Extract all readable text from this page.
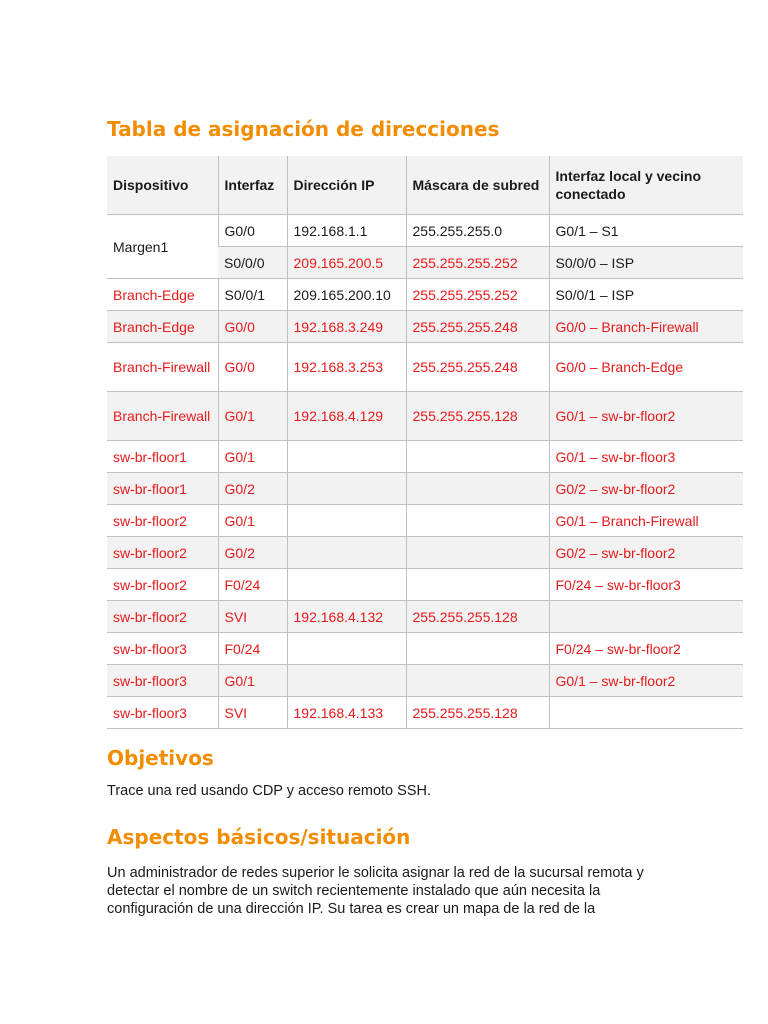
Tabla de asignación de direcciones
Dispositivo	Interfaz	Dirección IP	Máscara de subred	Interfaz local y vecino conectado
Margen1	G0/0	192.168.1.1	255.255.255.0	G0/1 – S1
	S0/0/0	209.165.200.5	255.255.255.252	S0/0/0 – ISP
Branch-Edge	S0/0/1	209.165.200.10	255.255.255.252	S0/0/1 – ISP
Branch-Edge	G0/0	192.168.3.249	255.255.255.248	G0/0 – Branch-Firewall
Branch-Firewall	G0/0	192.168.3.253	255.255.255.248	G0/0 – Branch-Edge
Branch-Firewall	G0/1	192.168.4.129	255.255.255.128	G0/1 – sw-br-floor2
sw-br-floor1	G0/1			G0/1 – sw-br-floor3
sw-br-floor1	G0/2			G0/2 – sw-br-floor2
sw-br-floor2	G0/1			G0/1 – Branch-Firewall
sw-br-floor2	G0/2			G0/2 – sw-br-floor2
sw-br-floor2	F0/24			F0/24 – sw-br-floor3
sw-br-floor2	SVI	192.168.4.132	255.255.255.128	
sw-br-floor3	F0/24			F0/24 – sw-br-floor2
sw-br-floor3	G0/1			G0/1 – sw-br-floor2
sw-br-floor3	SVI	192.168.4.133	255.255.255.128	
Objetivos

Trace una red usando CDP y acceso remoto SSH.

Aspectos básicos/situación

Un administrador de redes superior le solicita asignar la red de la sucursal remota y detectar el nombre de un switch recientemente instalado que aún necesita la configuración de una dirección IP. Su tarea es crear un mapa de la red de la
